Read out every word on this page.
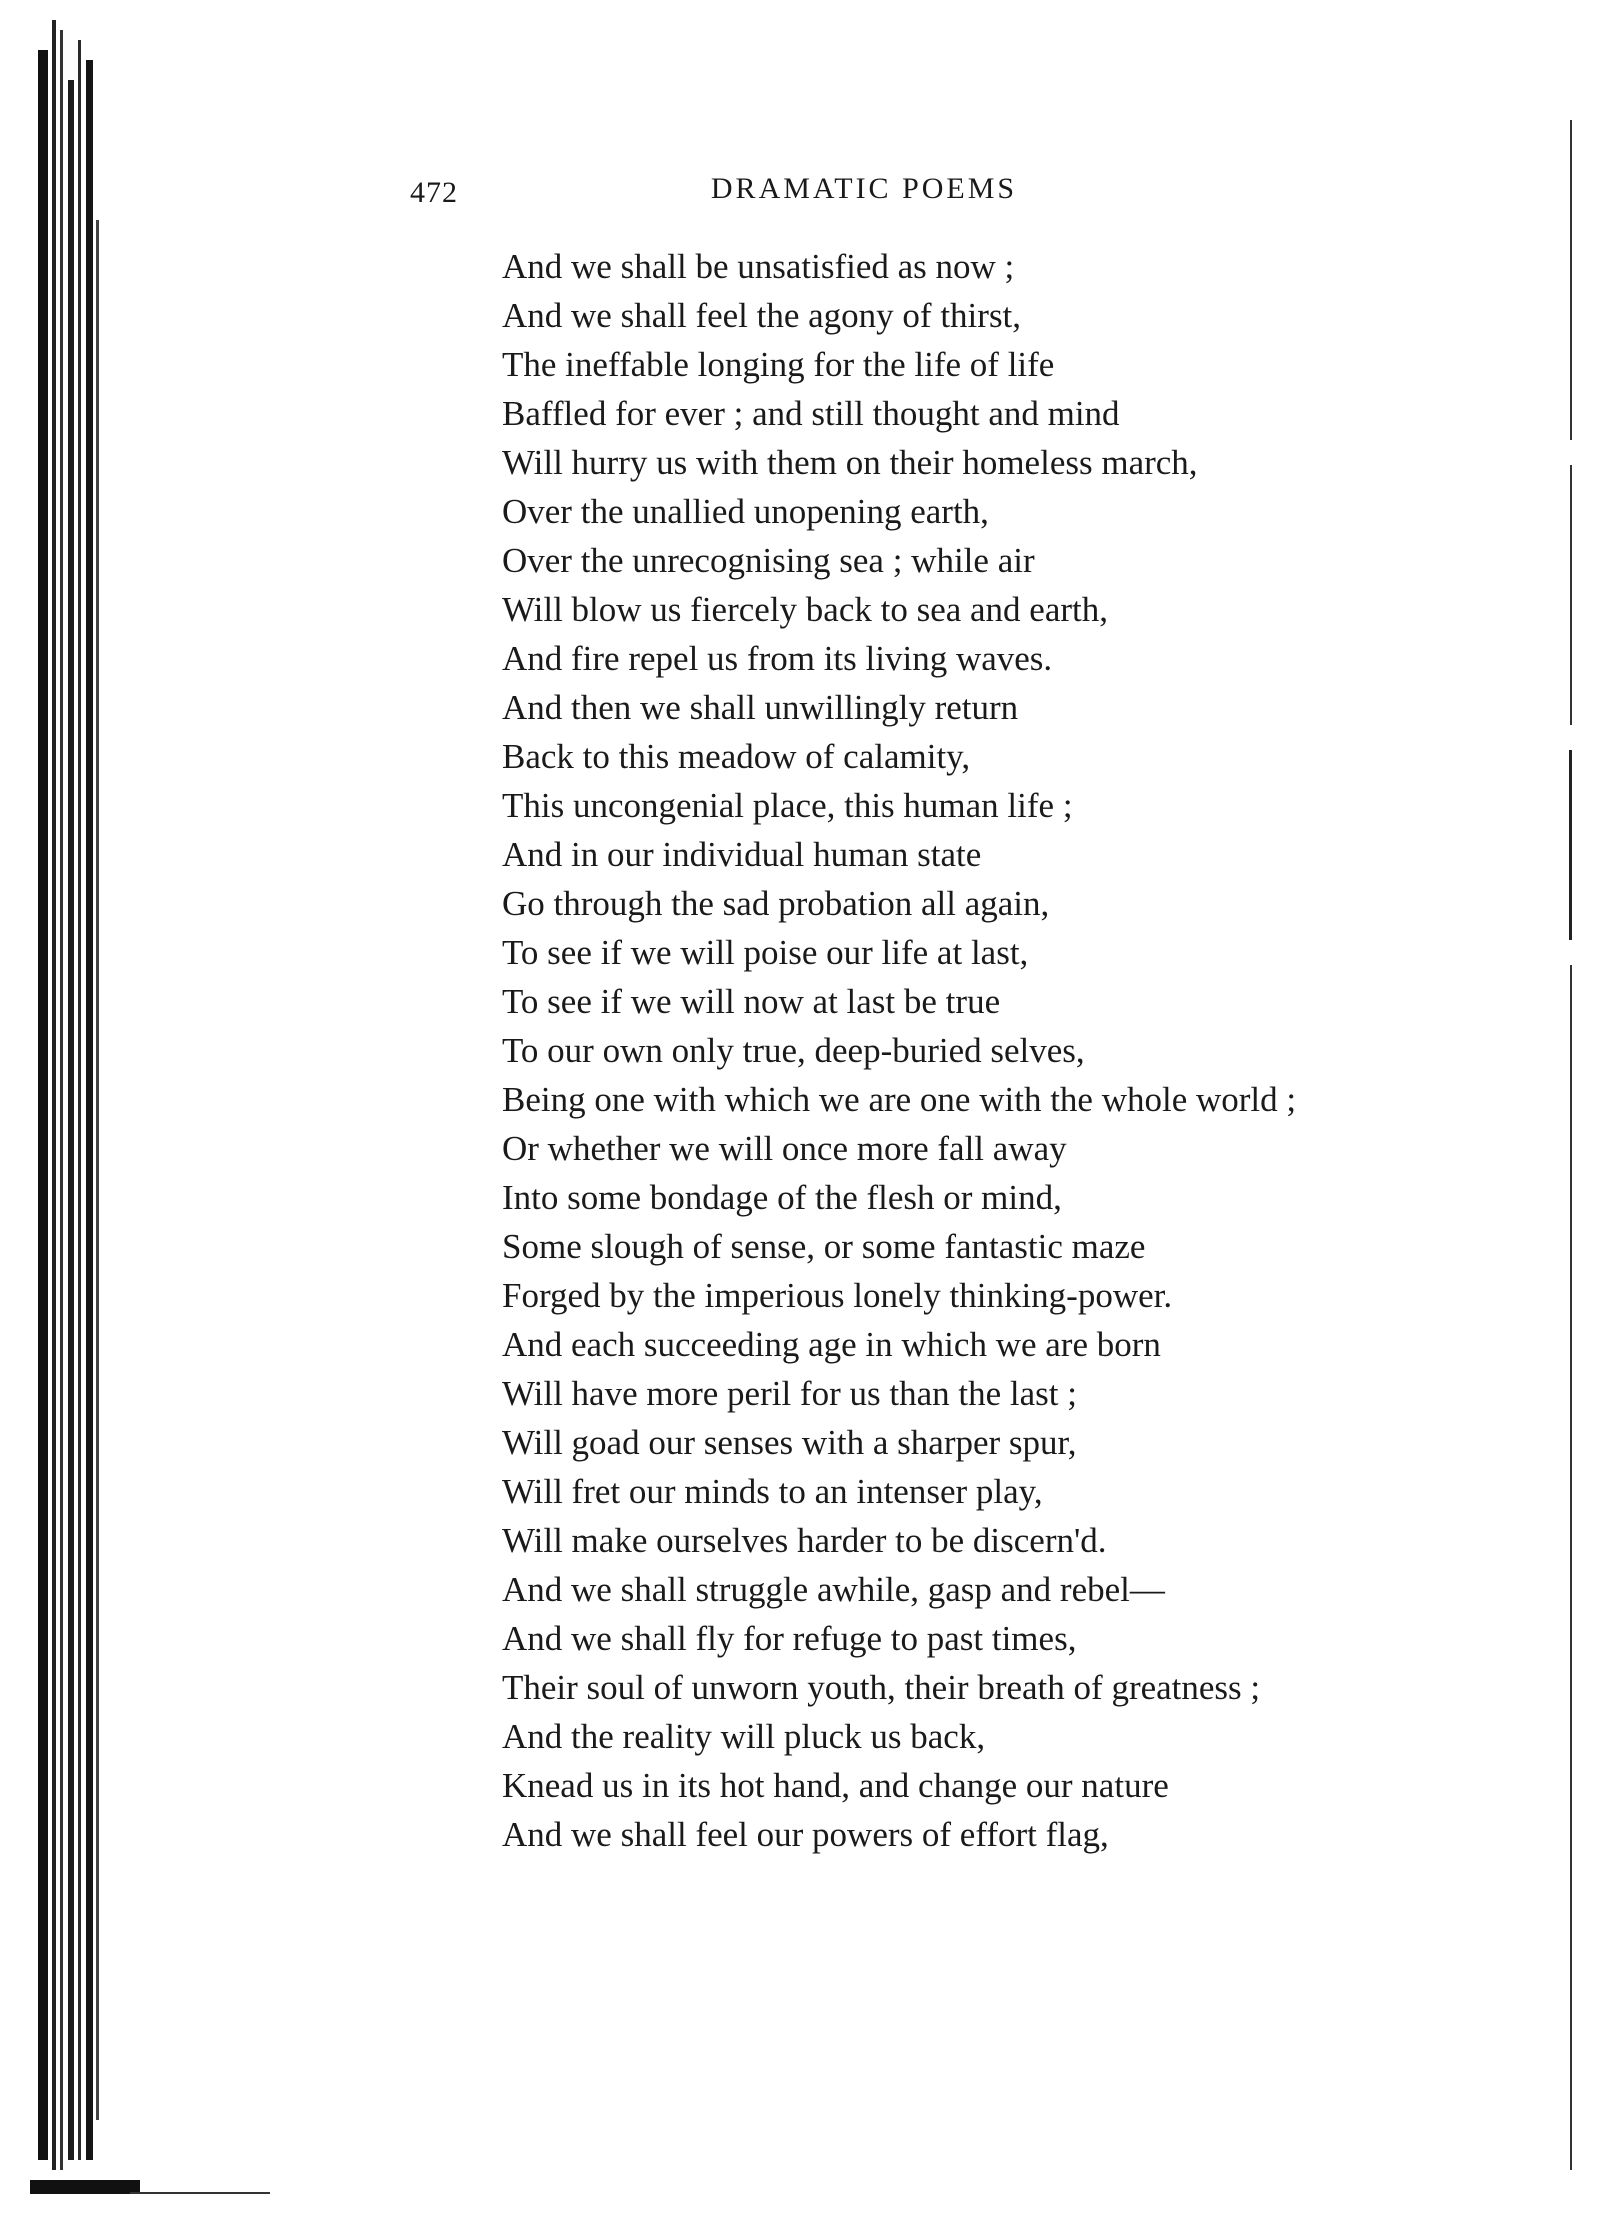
472	DRAMATIC POEMS
And we shall be unsatisfied as now ;
And we shall feel the agony of thirst,
The ineffable longing for the life of life
Baffled for ever ; and still thought and mind
Will hurry us with them on their homeless march,
Over the unallied unopening earth,
Over the unrecognising sea ; while air
Will blow us fiercely back to sea and earth,
And fire repel us from its living waves.
And then we shall unwillingly return
Back to this meadow of calamity,
This uncongenial place, this human life ;
And in our individual human state
Go through the sad probation all again,
To see if we will poise our life at last,
To see if we will now at last be true
To our own only true, deep-buried selves,
Being one with which we are one with the whole world ;
Or whether we will once more fall away
Into some bondage of the flesh or mind,
Some slough of sense, or some fantastic maze
Forged by the imperious lonely thinking-power.
And each succeeding age in which we are born
Will have more peril for us than the last ;
Will goad our senses with a sharper spur,
Will fret our minds to an intenser play,
Will make ourselves harder to be discern'd.
And we shall struggle awhile, gasp and rebel—
And we shall fly for refuge to past times,
Their soul of unworn youth, their breath of greatness ;
And the reality will pluck us back,
Knead us in its hot hand, and change our nature
And we shall feel our powers of effort flag,
